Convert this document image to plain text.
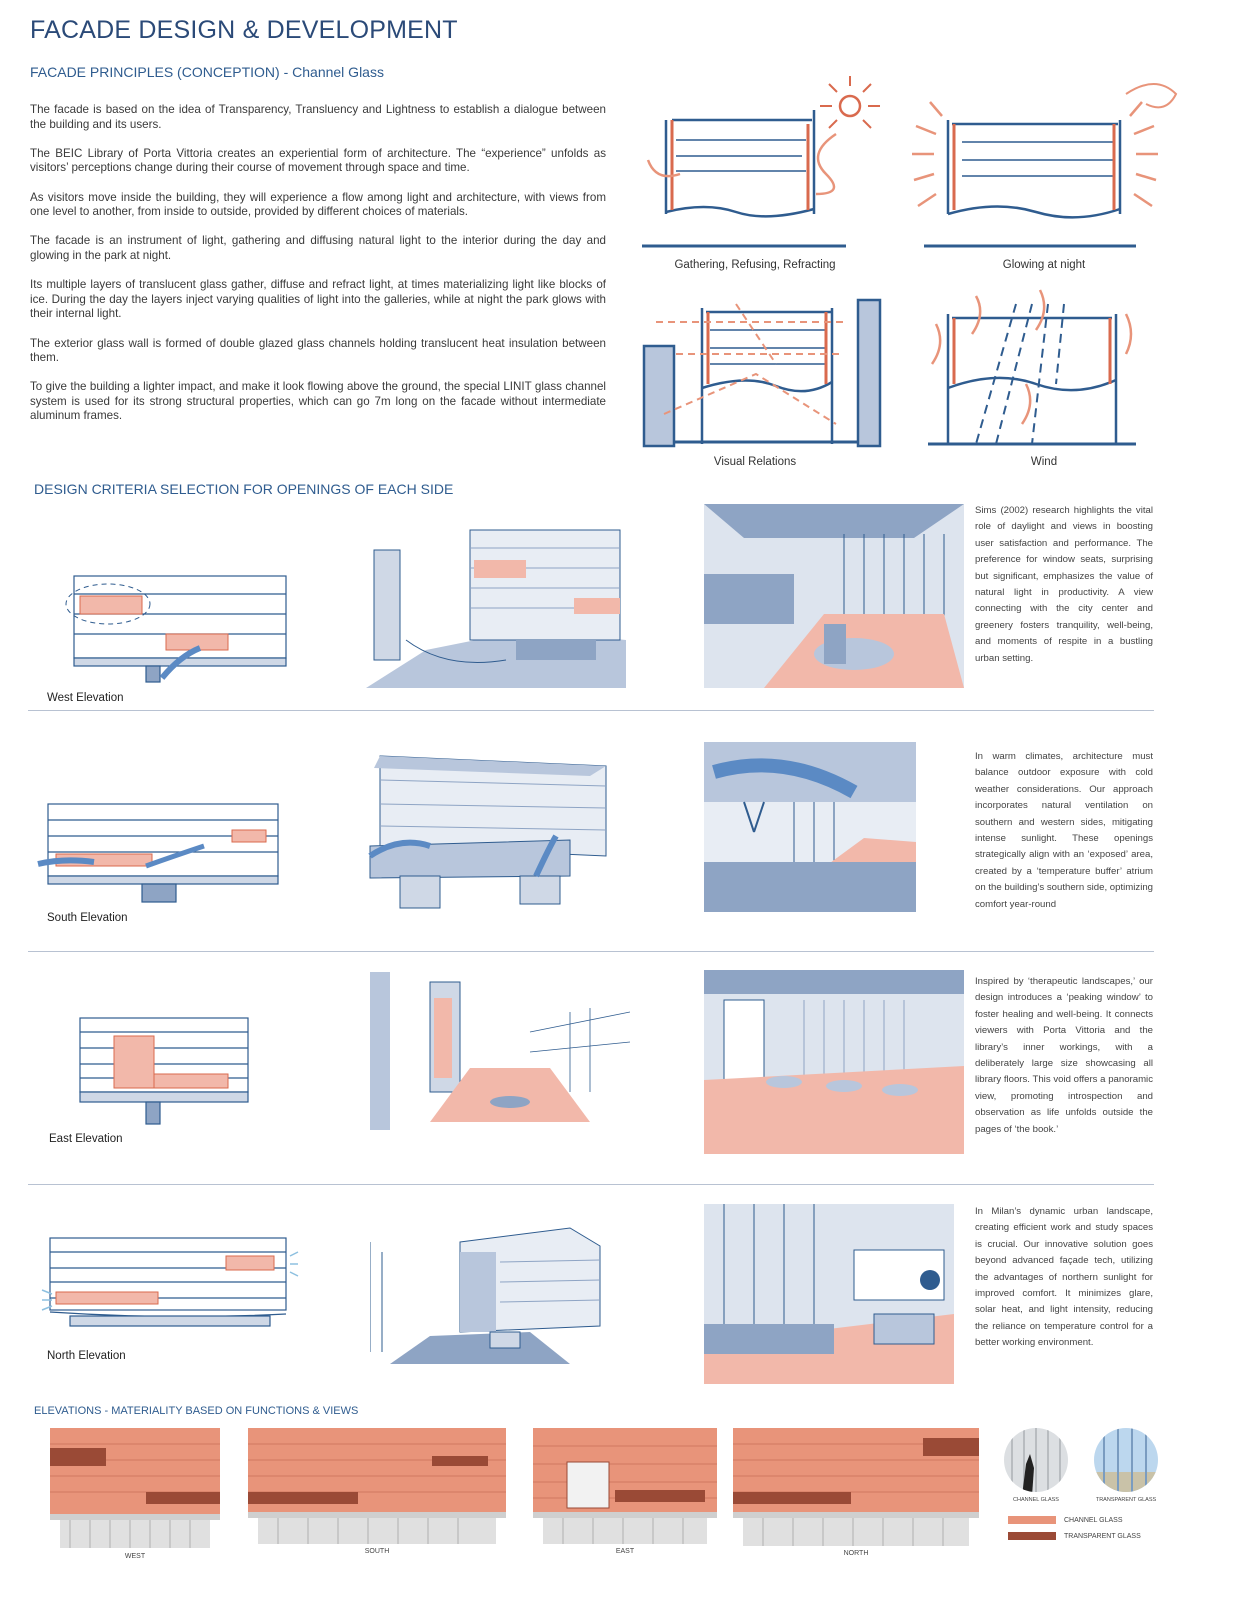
FACADE DESIGN & DEVELOPMENT
FACADE PRINCIPLES (CONCEPTION) - Channel Glass

The facade is based on the idea of Transparency, Transluency and Lightness to establish a dialogue between the building and its users.

The BEIC Library of Porta Vittoria creates an experiential form of architecture. The “experience” unfolds as visitors’ perceptions change during their course of movement through space and time.

As visitors move inside the building, they will experience a flow among light and architecture, with views from one level to another, from inside to outside, provided by different choices of materials.

The facade is an instrument of light, gathering and diffusing natural light to the interior during the day and glowing in the park at night.

Its multiple layers of translucent glass gather, diffuse and refract light, at times materializing light like blocks of ice. During the day the layers inject varying qualities of light into the galleries, while at night the park glows with their internal light.

The exterior glass wall is formed of double glazed glass channels holding translucent heat insulation between them.

To give the building a lighter impact, and make it look flowing above the ground, the special LINIT glass channel system is used for its strong structural properties, which can go 7m long on the facade without intermediate aluminum frames.

Gathering, Refusing, Refracting	Glowing at night
Visual Relations	Wind
DESIGN CRITERIA SELECTION FOR OPENINGS OF EACH SIDE
West Elevation
Sims (2002) research highlights the vital role of daylight and views in boosting user satisfaction and performance. The preference for window seats, surprising but significant, emphasizes the value of natural light in productivity. A view connecting with the city center and greenery fosters tranquility, well-being, and moments of respite in a bustling urban setting.
South Elevation
In warm climates, architecture must balance outdoor exposure with cold weather considerations. Our approach incorporates natural ventilation on southern and western sides, mitigating intense sunlight. These openings strategically align with an ‘exposed’ area, created by a ‘temperature buffer’ atrium on the building’s southern side, optimizing comfort year-round
East Elevation
Inspired by ‘therapeutic landscapes,’ our design introduces a ‘peaking window’ to foster healing and well-being. It connects viewers with Porta Vittoria and the library’s inner workings, with a deliberately large size showcasing all library floors. This void offers a panoramic view, promoting introspection and observation as life unfolds outside the pages of ‘the book.’
North Elevation
In Milan’s dynamic urban landscape, creating efficient work and study spaces is crucial. Our innovative solution goes beyond advanced façade tech, utilizing the advantages of northern sunlight for improved comfort. It minimizes glare, solar heat, and light intensity, reducing the reliance on temperature control for a better working environment.
ELEVATIONS - MATERIALITY BASED ON FUNCTIONS & VIEWS
WEST
SOUTH	EAST	NORTH
CHANNEL GLASS	TRANSPARENT GLASS
CHANNEL GLASS
TRANSPARENT GLASS
